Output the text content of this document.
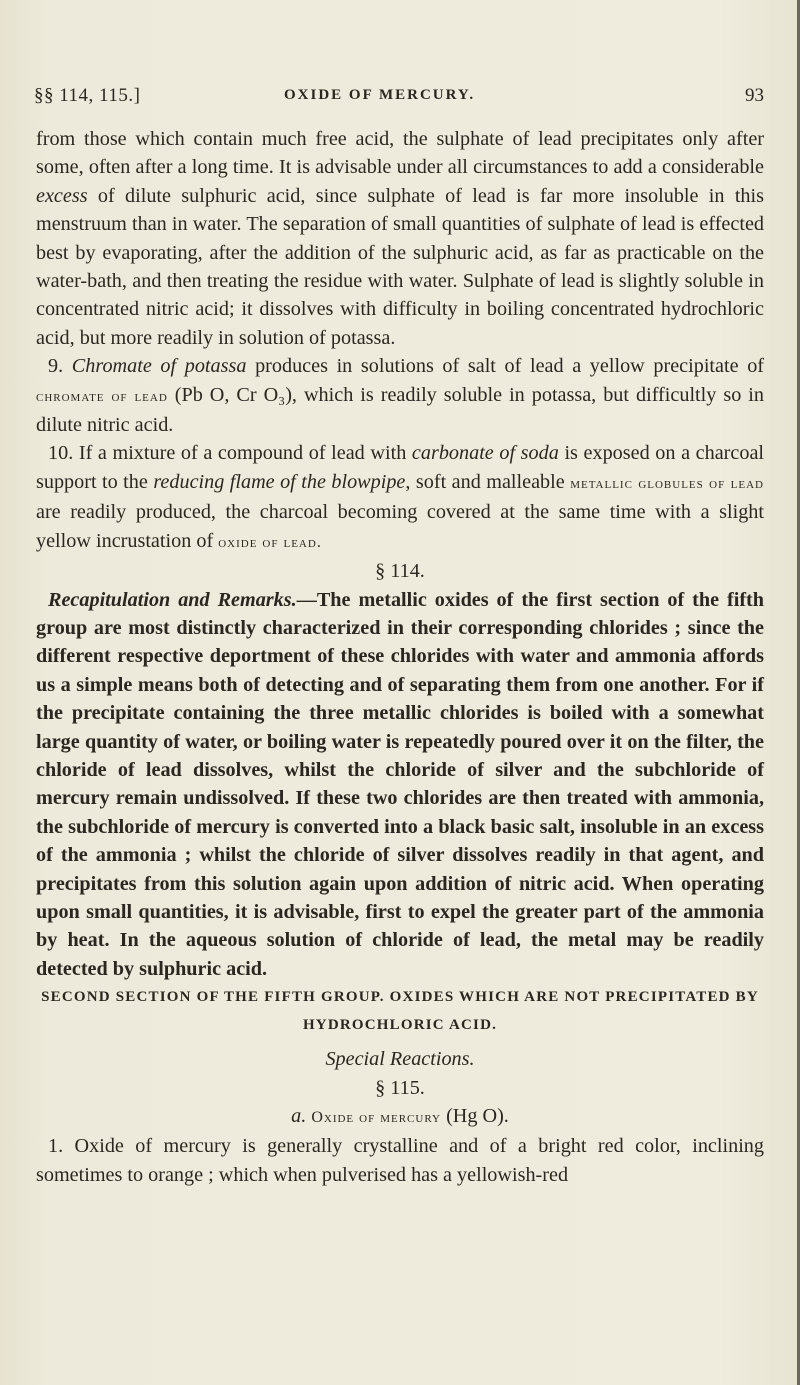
§§ 114, 115.]	OXIDE OF MERCURY.	93

from those which contain much free acid, the sulphate of lead precipitates only after some, often after a long time. It is advisable under all circumstances to add a considerable excess of dilute sulphuric acid, since sulphate of lead is far more insoluble in this menstruum than in water. The separation of small quantities of sulphate of lead is effected best by evaporating, after the addition of the sulphuric acid, as far as practicable on the water-bath, and then treating the residue with water. Sulphate of lead is slightly soluble in concentrated nitric acid; it dissolves with difficulty in boiling concentrated hydrochloric acid, but more readily in solution of potassa.

9. Chromate of potassa produces in solutions of salt of lead a yellow precipitate of chromate of lead (Pb O, Cr O₃), which is readily soluble in potassa, but difficultly so in dilute nitric acid.

10. If a mixture of a compound of lead with carbonate of soda is exposed on a charcoal support to the reducing flame of the blowpipe, soft and malleable metallic globules of lead are readily produced, the charcoal becoming covered at the same time with a slight yellow incrustation of oxide of lead.

§ 114.

Recapitulation and Remarks.—The metallic oxides of the first section of the fifth group are most distinctly characterized in their corresponding chlorides ; since the different respective deportment of these chlorides with water and ammonia affords us a simple means both of detecting and of separating them from one another. For if the precipitate containing the three metallic chlorides is boiled with a somewhat large quantity of water, or boiling water is repeatedly poured over it on the filter, the chloride of lead dissolves, whilst the chloride of silver and the subchloride of mercury remain undissolved. If these two chlorides are then treated with ammonia, the subchloride of mercury is converted into a black basic salt, insoluble in an excess of the ammonia ; whilst the chloride of silver dissolves readily in that agent, and precipitates from this solution again upon addition of nitric acid. When operating upon small quantities, it is advisable, first to expel the greater part of the ammonia by heat. In the aqueous solution of chloride of lead, the metal may be readily detected by sulphuric acid.

SECOND SECTION OF THE FIFTH GROUP. OXIDES WHICH ARE NOT PRECIPITATED BY HYDROCHLORIC ACID.

Special Reactions.

§ 115.

a. Oxide of mercury (Hg O).

1. Oxide of mercury is generally crystalline and of a bright red color, inclining sometimes to orange ; which when pulverised has a yellowish-red
